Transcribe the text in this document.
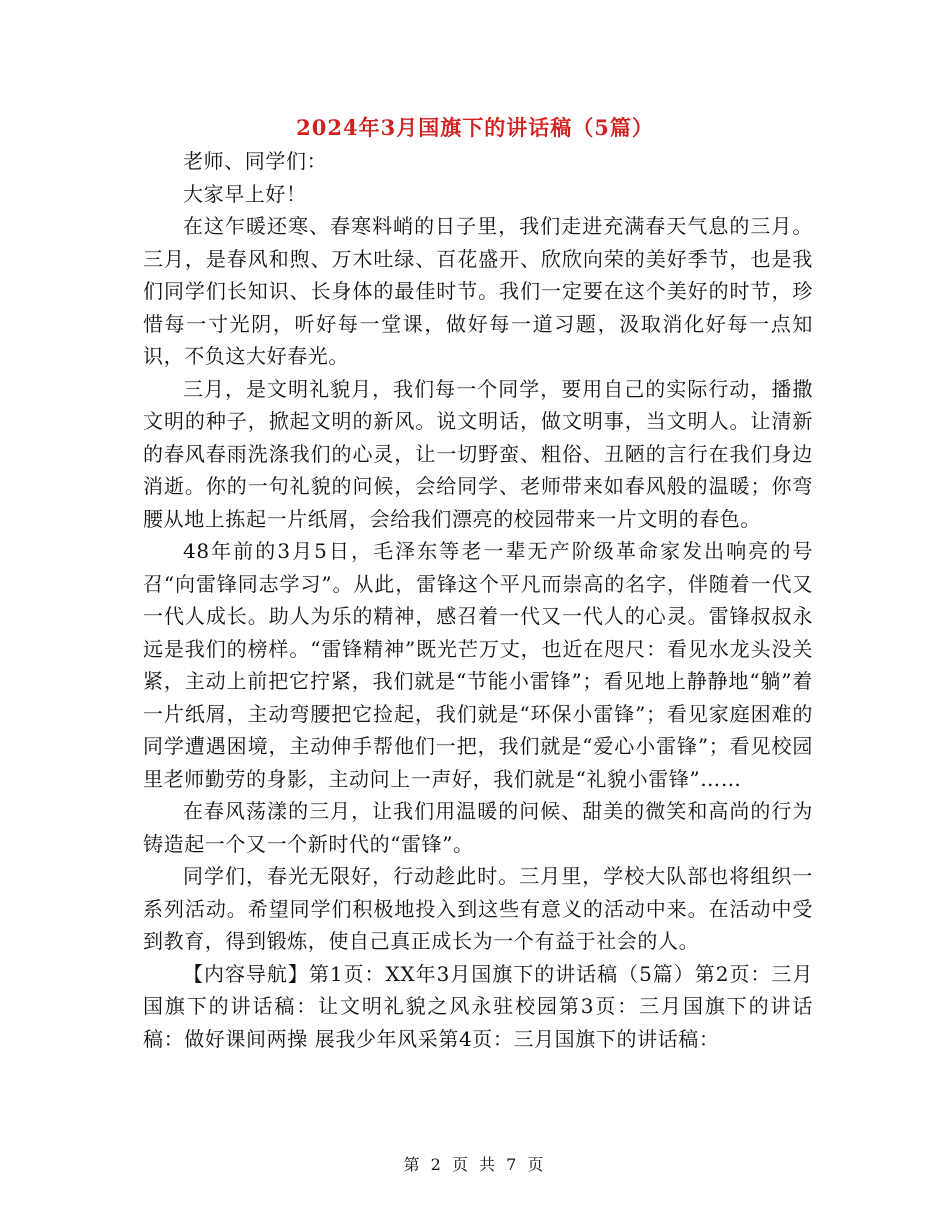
2024年3月国旗下的讲话稿（5篇）

老师、同学们：

大家早上好！

在这乍暖还寒、春寒料峭的日子里，我们走进充满春天气息的三月。三月，是春风和煦、万木吐绿、百花盛开、欣欣向荣的美好季节，也是我们同学们长知识、长身体的最佳时节。我们一定要在这个美好的时节，珍惜每一寸光阴，听好每一堂课，做好每一道习题，汲取消化好每一点知识，不负这大好春光。

三月，是文明礼貌月，我们每一个同学，要用自己的实际行动，播撒文明的种子，掀起文明的新风。说文明话，做文明事，当文明人。让清新的春风春雨洗涤我们的心灵，让一切野蛮、粗俗、丑陋的言行在我们身边消逝。你的一句礼貌的问候，会给同学、老师带来如春风般的温暖；你弯腰从地上拣起一片纸屑，会给我们漂亮的校园带来一片文明的春色。

48年前的3月5日，毛泽东等老一辈无产阶级革命家发出响亮的号召“向雷锋同志学习”。从此，雷锋这个平凡而崇高的名字，伴随着一代又一代人成长。助人为乐的精神，感召着一代又一代人的心灵。雷锋叔叔永远是我们的榜样。“雷锋精神”既光芒万丈，也近在咫尺：看见水龙头没关紧，主动上前把它拧紧，我们就是“节能小雷锋”；看见地上静静地“躺”着一片纸屑，主动弯腰把它捡起，我们就是“环保小雷锋”；看见家庭困难的同学遭遇困境，主动伸手帮他们一把，我们就是“爱心小雷锋”；看见校园里老师勤劳的身影，主动问上一声好，我们就是“礼貌小雷锋”……

在春风荡漾的三月，让我们用温暖的问候、甜美的微笑和高尚的行为铸造起一个又一个新时代的“雷锋”。

同学们，春光无限好，行动趁此时。三月里，学校大队部也将组织一系列活动。希望同学们积极地投入到这些有意义的活动中来。在活动中受到教育，得到锻炼，使自己真正成长为一个有益于社会的人。

【内容导航】第1页：XX年3月国旗下的讲话稿（5篇）第2页：三月国旗下的讲话稿：让文明礼貌之风永驻校园第3页：三月国旗下的讲话稿：做好课间两操 展我少年风采第4页：三月国旗下的讲话稿：

第 2 页 共 7 页
